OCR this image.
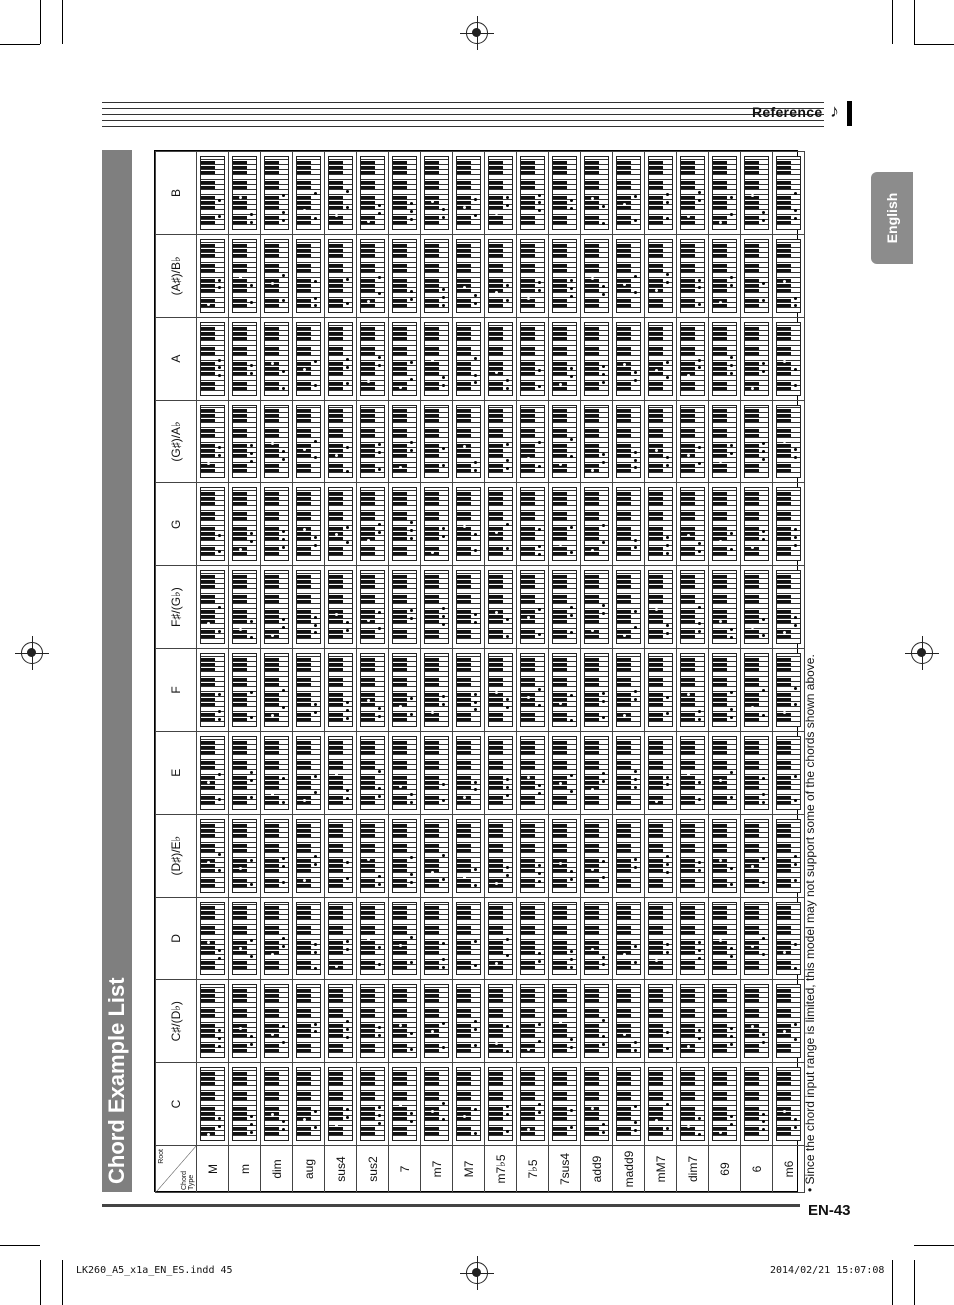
Reference ♪
English
Chord Example List	Root
Chord
Type	C	C♯/(D♭)	D	(D♯)/E♭	E	F	F♯/(G♭)	G	(G♯)/A♭	A	(A♯)/B♭	B
M	

m	

dim	

aug	

sus4	

sus2	

7	

m7	

M7	

m7♭5	

7♭5	

7sus4	

add9	

madd9	

mM7	

dim7	

69	

6	

m6	

	• Since the chord input range is limited, this model may not support some of the chords shown above.
EN-43
LK260_A5_x1a_EN_ES.indd 45	2014/02/21 15:07:08
